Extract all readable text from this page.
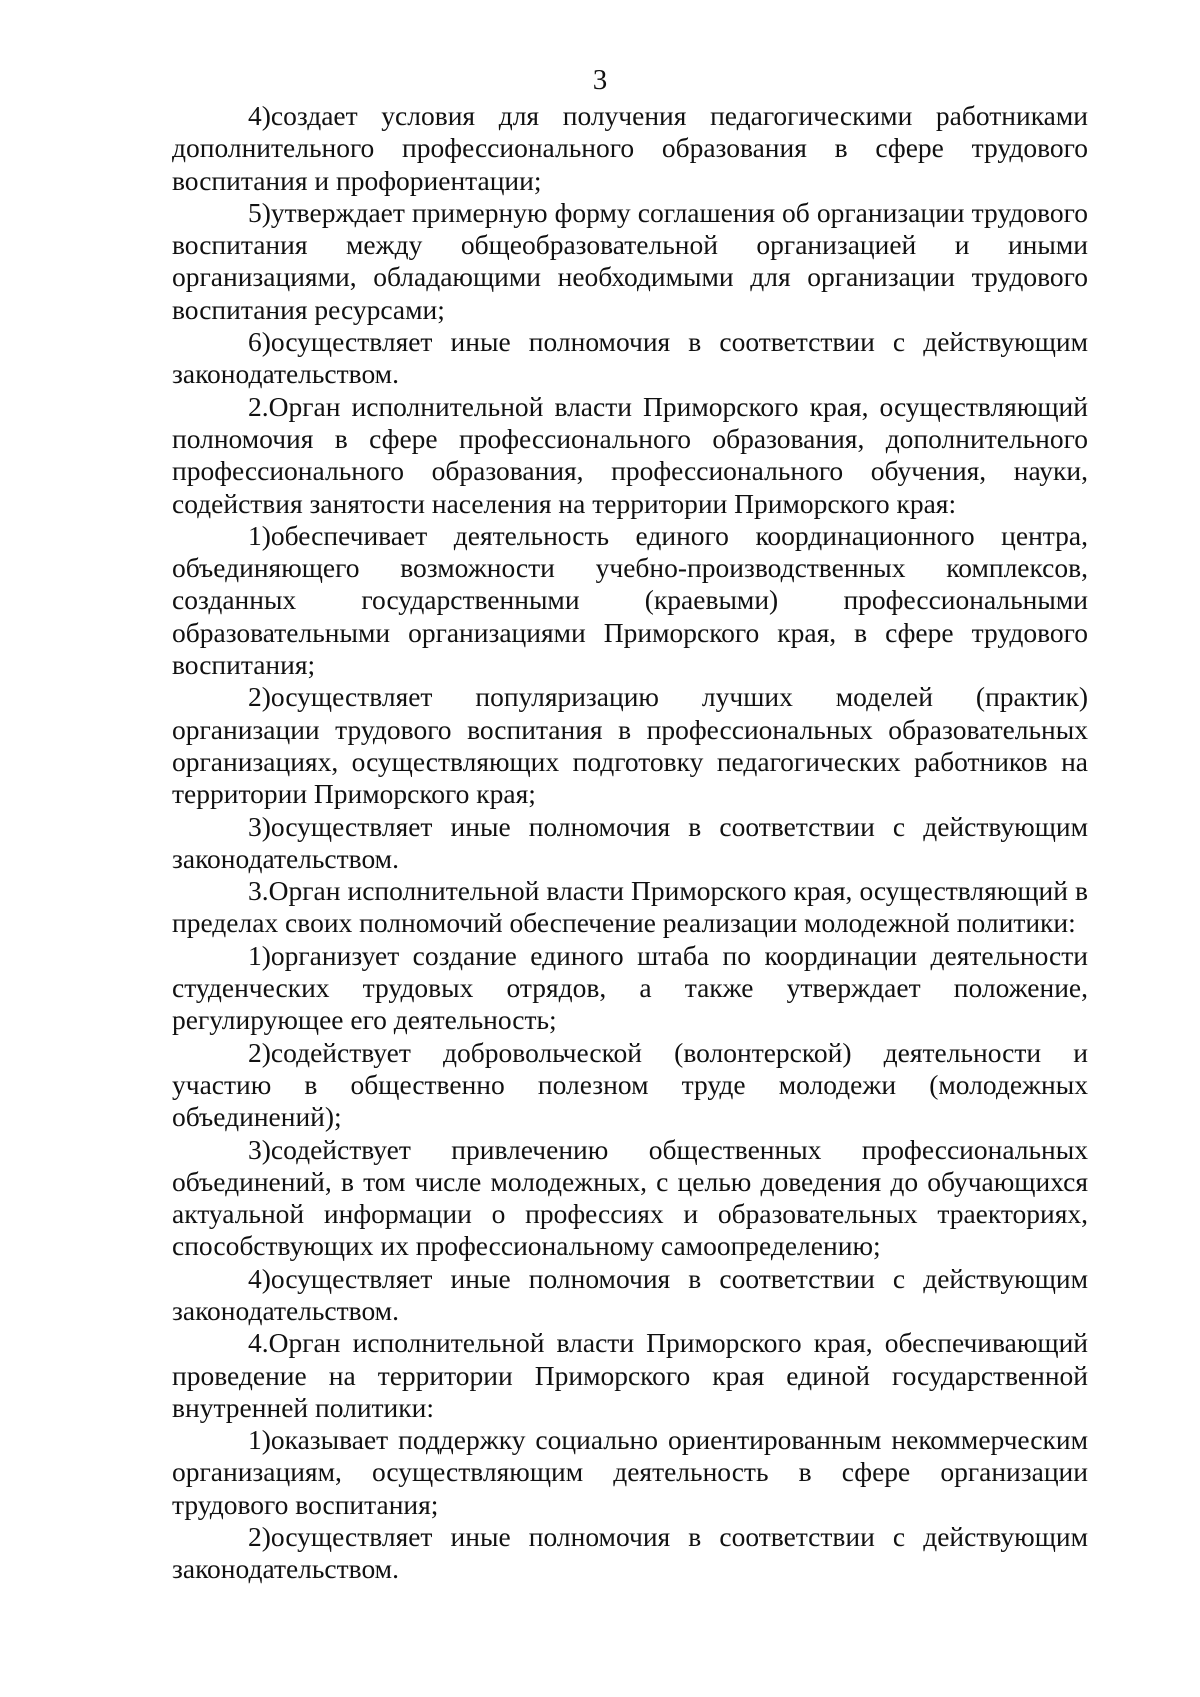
3

4)создает условия для получения педагогическими работниками дополнительного профессионального образования в сфере трудового воспитания и профориентации;

5)утверждает примерную форму соглашения об организации трудового воспитания между общеобразовательной организацией и иными организациями, обладающими необходимыми для организации трудового воспитания ресурсами;

6)осуществляет иные полномочия в соответствии с действующим законодательством.

2.Орган исполнительной власти Приморского края, осуществляющий полномочия в сфере профессионального образования, дополнительного профессионального образования, профессионального обучения, науки, содействия занятости населения на территории Приморского края:

1)обеспечивает деятельность единого координационного центра, объединяющего возможности учебно-производственных комплексов, созданных государственными (краевыми) профессиональными образовательными организациями Приморского края, в сфере трудового воспитания;

2)осуществляет популяризацию лучших моделей (практик) организации трудового воспитания в профессиональных образовательных организациях, осуществляющих подготовку педагогических работников на территории Приморского края;

3)осуществляет иные полномочия в соответствии с действующим законодательством.

3.Орган исполнительной власти Приморского края, осуществляющий в пределах своих полномочий обеспечение реализации молодежной политики:

1)организует создание единого штаба по координации деятельности студенческих трудовых отрядов, а также утверждает положение, регулирующее его деятельность;

2)содействует добровольческой (волонтерской) деятельности и участию в общественно полезном труде молодежи (молодежных объединений);

3)содействует привлечению общественных профессиональных объединений, в том числе молодежных, с целью доведения до обучающихся актуальной информации о профессиях и образовательных траекториях, способствующих их профессиональному самоопределению;

4)осуществляет иные полномочия в соответствии с действующим законодательством.

4.Орган исполнительной власти Приморского края, обеспечивающий проведение на территории Приморского края единой государственной внутренней политики:

1)оказывает поддержку социально ориентированным некоммерческим организациям, осуществляющим деятельность в сфере организации трудового воспитания;

2)осуществляет иные полномочия в соответствии с действующим законодательством.
